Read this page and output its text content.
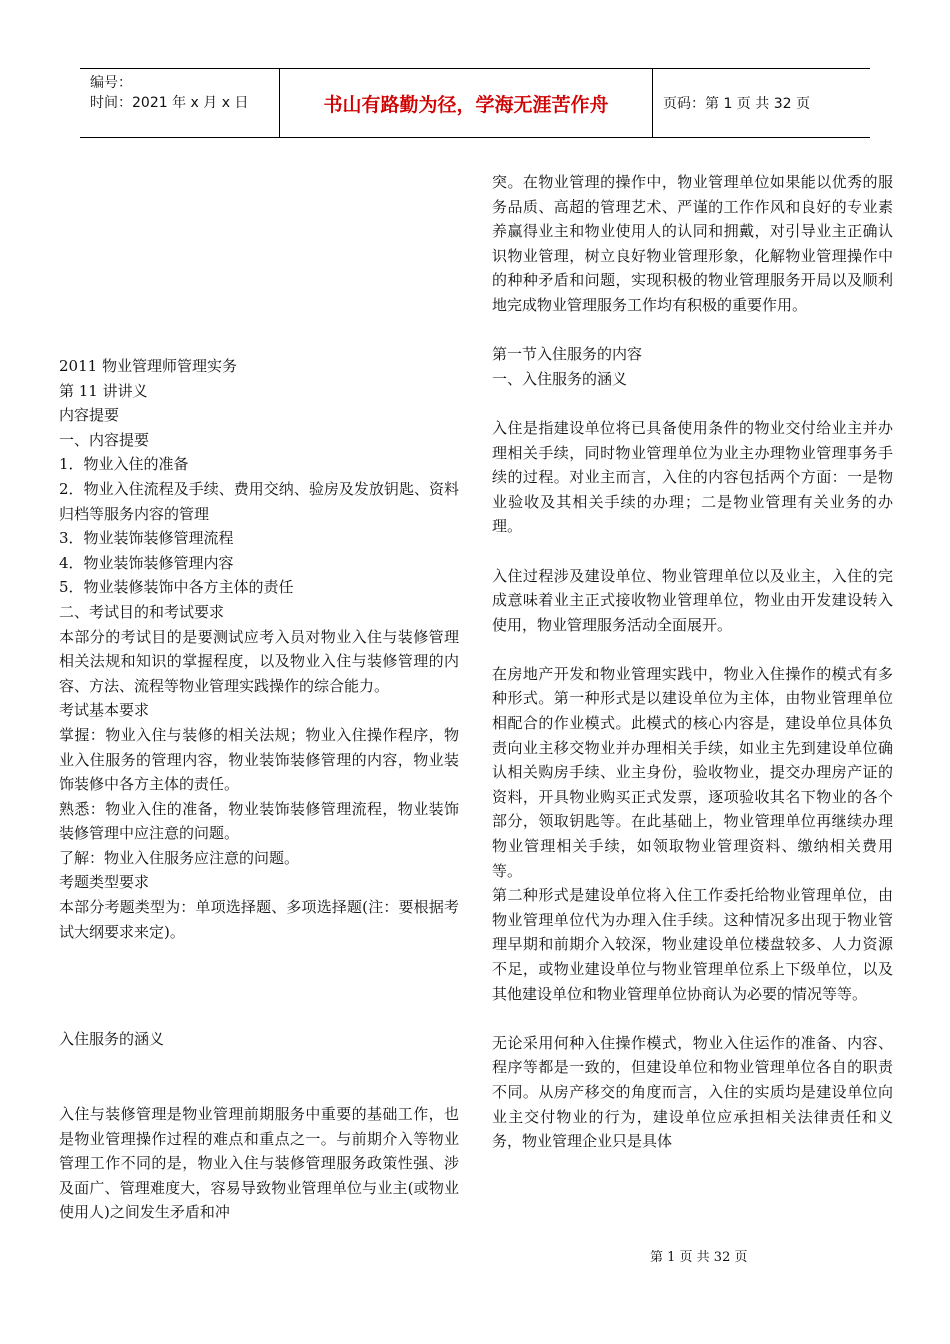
编号：
时间：2021 年 x 月 x 日	书山有路勤为径，学海无涯苦作舟	页码：第 1 页 共 32 页

2011 物业管理师管理实务

第 11 讲讲义

内容提要

一、内容提要

1．物业入住的准备

2．物业入住流程及手续、费用交纳、验房及发放钥匙、资料归档等服务内容的管理

3．物业装饰装修管理流程

4．物业装饰装修管理内容

5．物业装修装饰中各方主体的责任

二、考试目的和考试要求

本部分的考试目的是要测试应考入员对物业入住与装修管理相关法规和知识的掌握程度，以及物业入住与装修管理的内容、方法、流程等物业管理实践操作的综合能力。

考试基本要求

掌握：物业入住与装修的相关法规；物业入住操作程序，物业入住服务的管理内容，物业装饰装修管理的内容，物业装饰装修中各方主体的责任。

熟悉：物业入住的准备，物业装饰装修管理流程，物业装饰装修管理中应注意的问题。

了解：物业入住服务应注意的问题。

考题类型要求

本部分考题类型为：单项选择题、多项选择题(注：要根据考试大纲要求来定)。

入住服务的涵义

入住与装修管理是物业管理前期服务中重要的基础工作，也是物业管理操作过程的难点和重点之一。与前期介入等物业管理工作不同的是，物业入住与装修管理服务政策性强、涉及面广、管理难度大，容易导致物业管理单位与业主(或物业使用人)之间发生矛盾和冲

突。在物业管理的操作中，物业管理单位如果能以优秀的服务品质、高超的管理艺术、严谨的工作作风和良好的专业素养赢得业主和物业使用人的认同和拥戴，对引导业主正确认识物业管理，树立良好物业管理形象，化解物业管理操作中的种种矛盾和问题，实现积极的物业管理服务开局以及顺利地完成物业管理服务工作均有积极的重要作用。

第一节入住服务的内容

一、入住服务的涵义

入住是指建设单位将已具备使用条件的物业交付给业主并办理相关手续，同时物业管理单位为业主办理物业管理事务手续的过程。对业主而言，入住的内容包括两个方面：一是物业验收及其相关手续的办理；二是物业管理有关业务的办理。

入住过程涉及建设单位、物业管理单位以及业主，入住的完成意味着业主正式接收物业管理单位，物业由开发建设转入使用，物业管理服务活动全面展开。

在房地产开发和物业管理实践中，物业入住操作的模式有多种形式。第一种形式是以建设单位为主体，由物业管理单位相配合的作业模式。此模式的核心内容是，建设单位具体负责向业主移交物业并办理相关手续，如业主先到建设单位确认相关购房手续、业主身份，验收物业，提交办理房产证的资料，开具物业购买正式发票，逐项验收其名下物业的各个部分，领取钥匙等。在此基础上，物业管理单位再继续办理物业管理相关手续，如领取物业管理资料、缴纳相关费用等。

第二种形式是建设单位将入住工作委托给物业管理单位，由物业管理单位代为办理入住手续。这种情况多出现于物业管理早期和前期介入较深，物业建设单位楼盘较多、人力资源不足，或物业建设单位与物业管理单位系上下级单位，以及其他建设单位和物业管理单位协商认为必要的情况等等。

无论采用何种入住操作模式，物业入住运作的准备、内容、程序等都是一致的，但建设单位和物业管理单位各自的职责不同。从房产移交的角度而言，入住的实质均是建设单位向业主交付物业的行为，建设单位应承担相关法律责任和义务，物业管理企业只是具体

第 1 页 共 32 页
